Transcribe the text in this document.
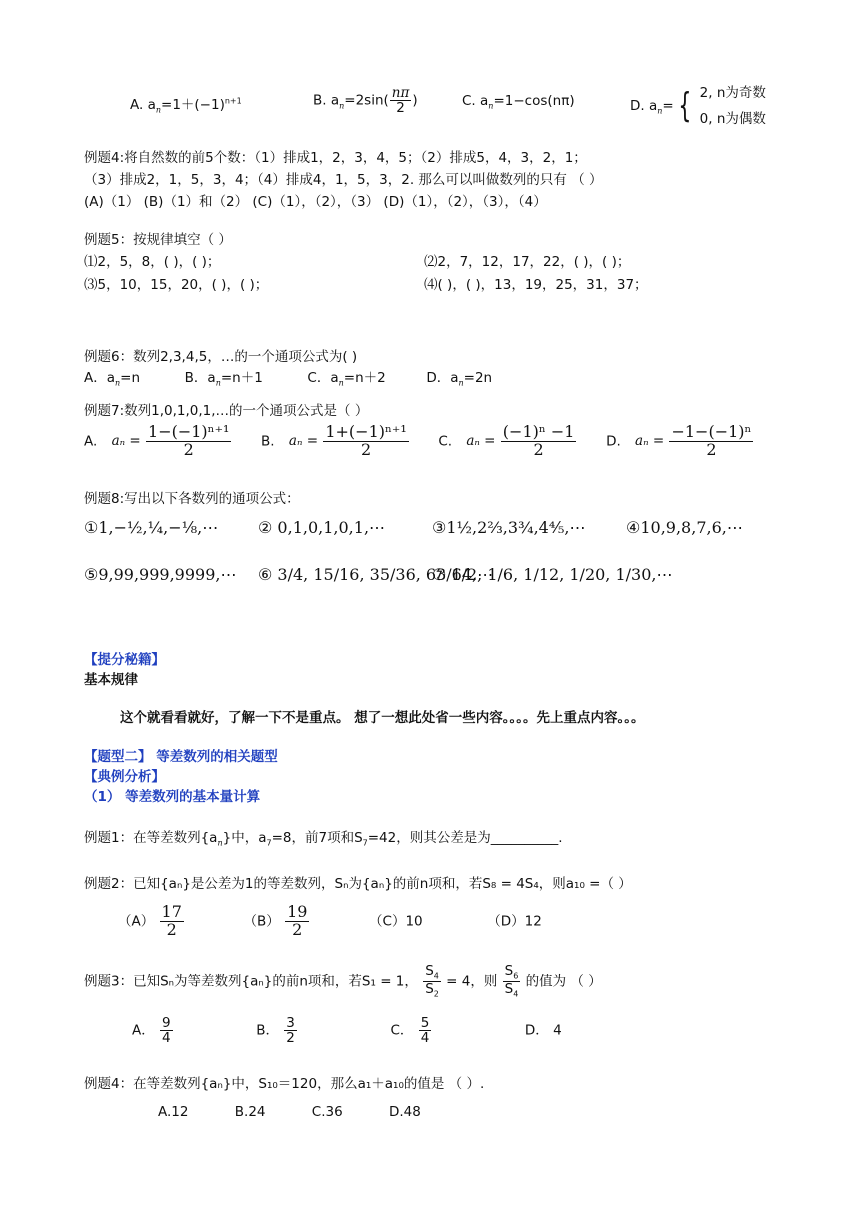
A. $a_n=1+(-1)^{n+1}$	B. $a_n=2\sin( \frac{n\pi}{2}$ )	C. $a_n=1-\cos(n\pi)$	D. $a_n=$ { 2, n为奇数
0, n为偶数
例题4:将自然数的前5个数：（1）排成1，2，3，4，5；（2）排成5，4，3，2，1；
（3）排成2，1，5，3，4；（4）排成4，1，5，3，2. 那么可以叫做数列的只有 （ ）
(A)（1） (B)（1）和（2） (C)（1），（2），（3） (D)（1），（2），（3），（4）
例题5：按规律填空（ ）
⑴2，5，8，( )，( )；	⑵2，7，12，17，22，( )，( )；
⑶5，10，15，20，( )，( )；	⑷( )，( )，13，19，25，31，37；
例题6：数列2,3,4,5，…的一个通项公式为( )
A．$a_n=n$	B．$a_n=n+1$	C．$a_n=n+2$	D．$a_n=2n$
例题7:数列1,0,1,0,1,…的一个通项公式是（ ）
A. $a_n = \frac{\text{1−(−1)ⁿ⁺¹}}{2} B$. $a_n = \frac{\text{1+(−1)ⁿ⁺¹}}{2} C$. $a_n = \frac{\text{(−1)ⁿ −1}}{2} D$. $a_n = \frac{\text{−1−(−1)ⁿ}}{2}$
例题8:写出以下各数列的通项公式：
①1,−½,¼,−⅛,⋯ ② 0,1,0,1,0,1,⋯	③1½,2⅔,3¾,4⅘,⋯	④10,9,8,7,6,⋯
⑤9,99,999,9999,⋯ ⑥ 3/4, 15/16, 35/36, 63/64,⋯
⑦ 1/2, 1/6, 1/12, 1/20, 1/30,⋯
【提分秘籍】
基本规律
这个就看看就好，了解一下不是重点。 想了一想此处省一些内容。。。。先上重点内容。。。
【题型二】 等差数列的相关题型
【典例分析】
（1） 等差数列的基本量计算
例题1：在等差数列$\{a_n\}$中，$a_7=8$，前7项和$S_7=42$，则其公差是为__________.
例题2：已知{aₙ}是公差为1的等差数列，Sₙ为{aₙ}的前n项和，若S₈ = 4S₄，则a₁₀ =（ ）
$(A) \frac{17}{2}$	$(B) \frac{19}{2}$	（C）10	（D）12
例题3：已知Sₙ为等差数列{aₙ}的前n项和，若S₁ = 1， $\frac{S_4}{S_2} = 4$，则 $\frac{S_6}{S_4}$ 的值为 （ ）
A． $\frac{9}{4}$	B． $\frac{3}{2}$	C． $\frac{5}{4}$	D． 4
例题4：在等差数列{aₙ}中，S₁₀＝120，那么a₁＋a₁₀的值是 （ ）.
A.12	B.24	C.36	D.48
